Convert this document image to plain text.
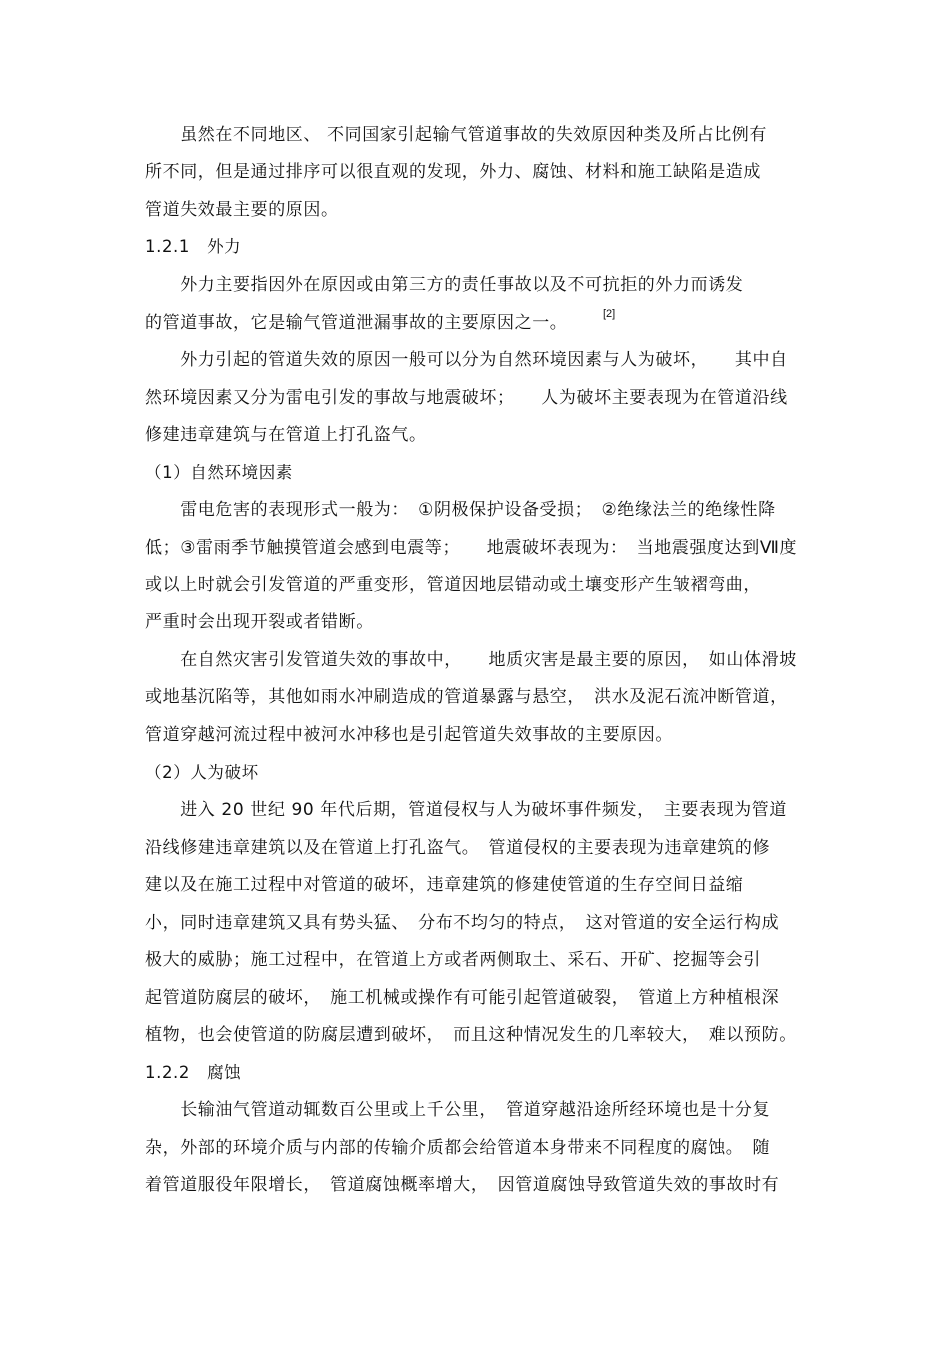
　　虽然在不同地区、 不同国家引起输气管道事故的失效原因种类及所占比例有

所不同，但是通过排序可以很直观的发现，外力、腐蚀、材料和施工缺陷是造成

管道失效最主要的原因。

1.2.1　外力

　　外力主要指因外在原因或由第三方的责任事故以及不可抗拒的外力而诱发

的管道事故，它是输气管道泄漏事故的主要原因之一。	[2]

　　外力引起的管道失效的原因一般可以分为自然环境因素与人为破坏，　　其中自

然环境因素又分为雷电引发的事故与地震破坏；　　人为破坏主要表现为在管道沿线

修建违章建筑与在管道上打孔盗气。

（1）自然环境因素

　　雷电危害的表现形式一般为：　①阴极保护设备受损；　②绝缘法兰的绝缘性降

低；③雷雨季节触摸管道会感到电震等；　　地震破坏表现为：　当地震强度达到Ⅶ度

或以上时就会引发管道的严重变形，管道因地层错动或土壤变形产生皱褶弯曲，

严重时会出现开裂或者错断。

　　在自然灾害引发管道失效的事故中，　　地质灾害是最主要的原因，　如山体滑坡

或地基沉陷等，其他如雨水冲刷造成的管道暴露与悬空，　洪水及泥石流冲断管道，

管道穿越河流过程中被河水冲移也是引起管道失效事故的主要原因。

（2）人为破坏

　　进入 20 世纪 90 年代后期，管道侵权与人为破坏事件频发，　主要表现为管道

沿线修建违章建筑以及在管道上打孔盗气。　管道侵权的主要表现为违章建筑的修

建以及在施工过程中对管道的破坏，违章建筑的修建使管道的生存空间日益缩

小，同时违章建筑又具有势头猛、　分布不均匀的特点，　这对管道的安全运行构成

极大的威胁；施工过程中，在管道上方或者两侧取土、采石、开矿、挖掘等会引

起管道防腐层的破坏，　施工机械或操作有可能引起管道破裂，　管道上方种植根深

植物，也会使管道的防腐层遭到破坏，　而且这种情况发生的几率较大，　难以预防。

1.2.2　腐蚀

　　长输油气管道动辄数百公里或上千公里，　管道穿越沿途所经环境也是十分复

杂，外部的环境介质与内部的传输介质都会给管道本身带来不同程度的腐蚀。　随

着管道服役年限增长，　管道腐蚀概率增大，　因管道腐蚀导致管道失效的事故时有
